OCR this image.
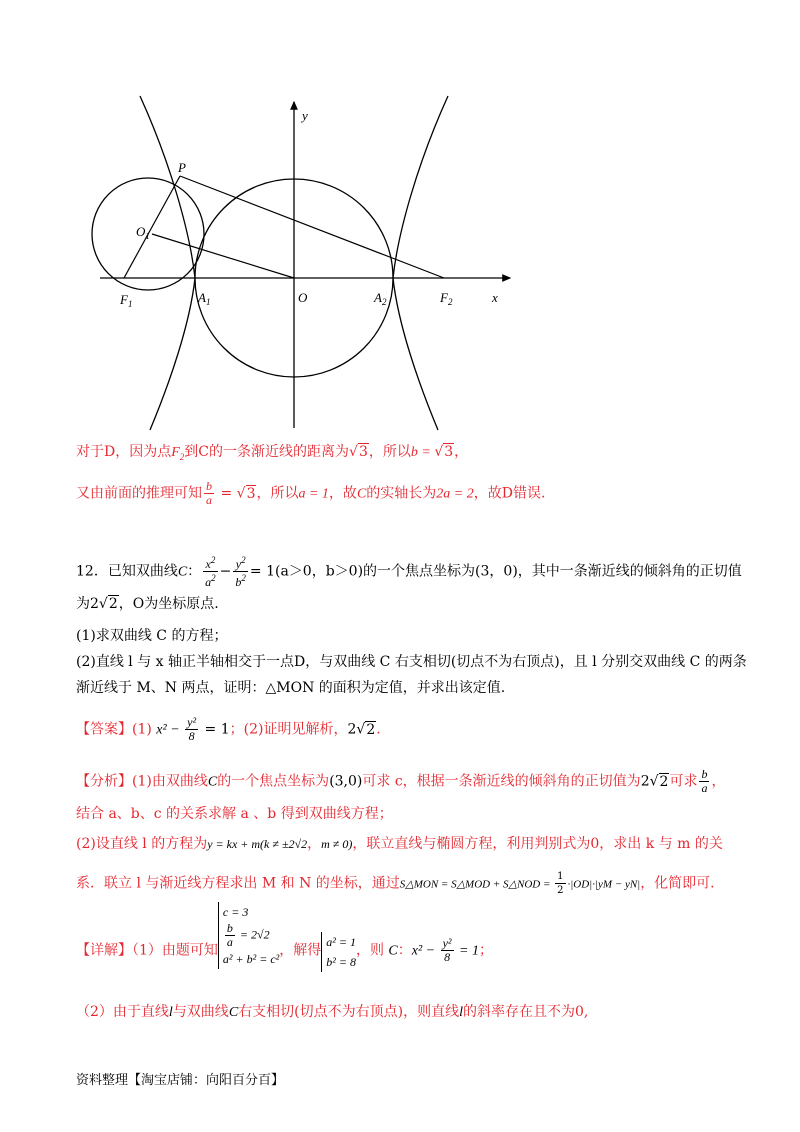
y
x
P
$O_1$
$F_1$	$A_1$	O	$A_2$	$F_2$
对于D，因为点$F_2$到C的一条渐近线的距离为√3，所以b = √3，
又由前面的推理可知 $\frac{b}{a} = √3$，所以a = 1，故C的实轴长为2a = 2，故D错误.
12．已知双曲线C： $\frac{x^2}{a^2} - \frac{y^2}{b^2} = 1(a>0$，b＞0)的一个焦点坐标为(3，0)，其中一条渐近线的倾斜角的正切值
为2√2，O为坐标原点.
(1)求双曲线 C 的方程；
(2)直线 l 与 x 轴正半轴相交于一点D，与双曲线 C 右支相切(切点不为右顶点)，且 l 分别交双曲线 C 的两条
渐近线于 M、N 两点，证明：△MON 的面积为定值，并求出该定值.
【答案】(1) $x^2 - \frac{\text{y²}}{8} = 1$；(2)证明见解析，2√2.
【分析】(1)由双曲线C的一个焦点坐标为(3,0)可求 c，根据一条渐近线的倾斜角的正切值为2√2可求 $\frac{b}{a}$ ，
结合 a、b、c 的关系求解 a 、b 得到双曲线方程；
(2)设直线 l 的方程为y = kx + m(k ≠ ±2√2，m ≠ 0)，联立直线与椭圆方程，利用判别式为0，求出 k 与 m 的关
系．联立 l 与渐近线方程求出 M 和 N 的坐标，通过S△MON = S△MOD + S△NOD = $\frac{1}{2} \cdot|OD|\cdot|yM - yN|$，化简即可.
【详解】（1）由题可知
c = 3
$\frac{b}{a} = 2√2$
a² + b² = c²
，解得
a² = 1
b² = 8
，则 C：$x^2 - \frac{\text{y²}}{8} = 1$；
（2）由于直线l与双曲线C右支相切(切点不为右顶点)，则直线l的斜率存在且不为0,
资料整理【淘宝店铺：向阳百分百】
